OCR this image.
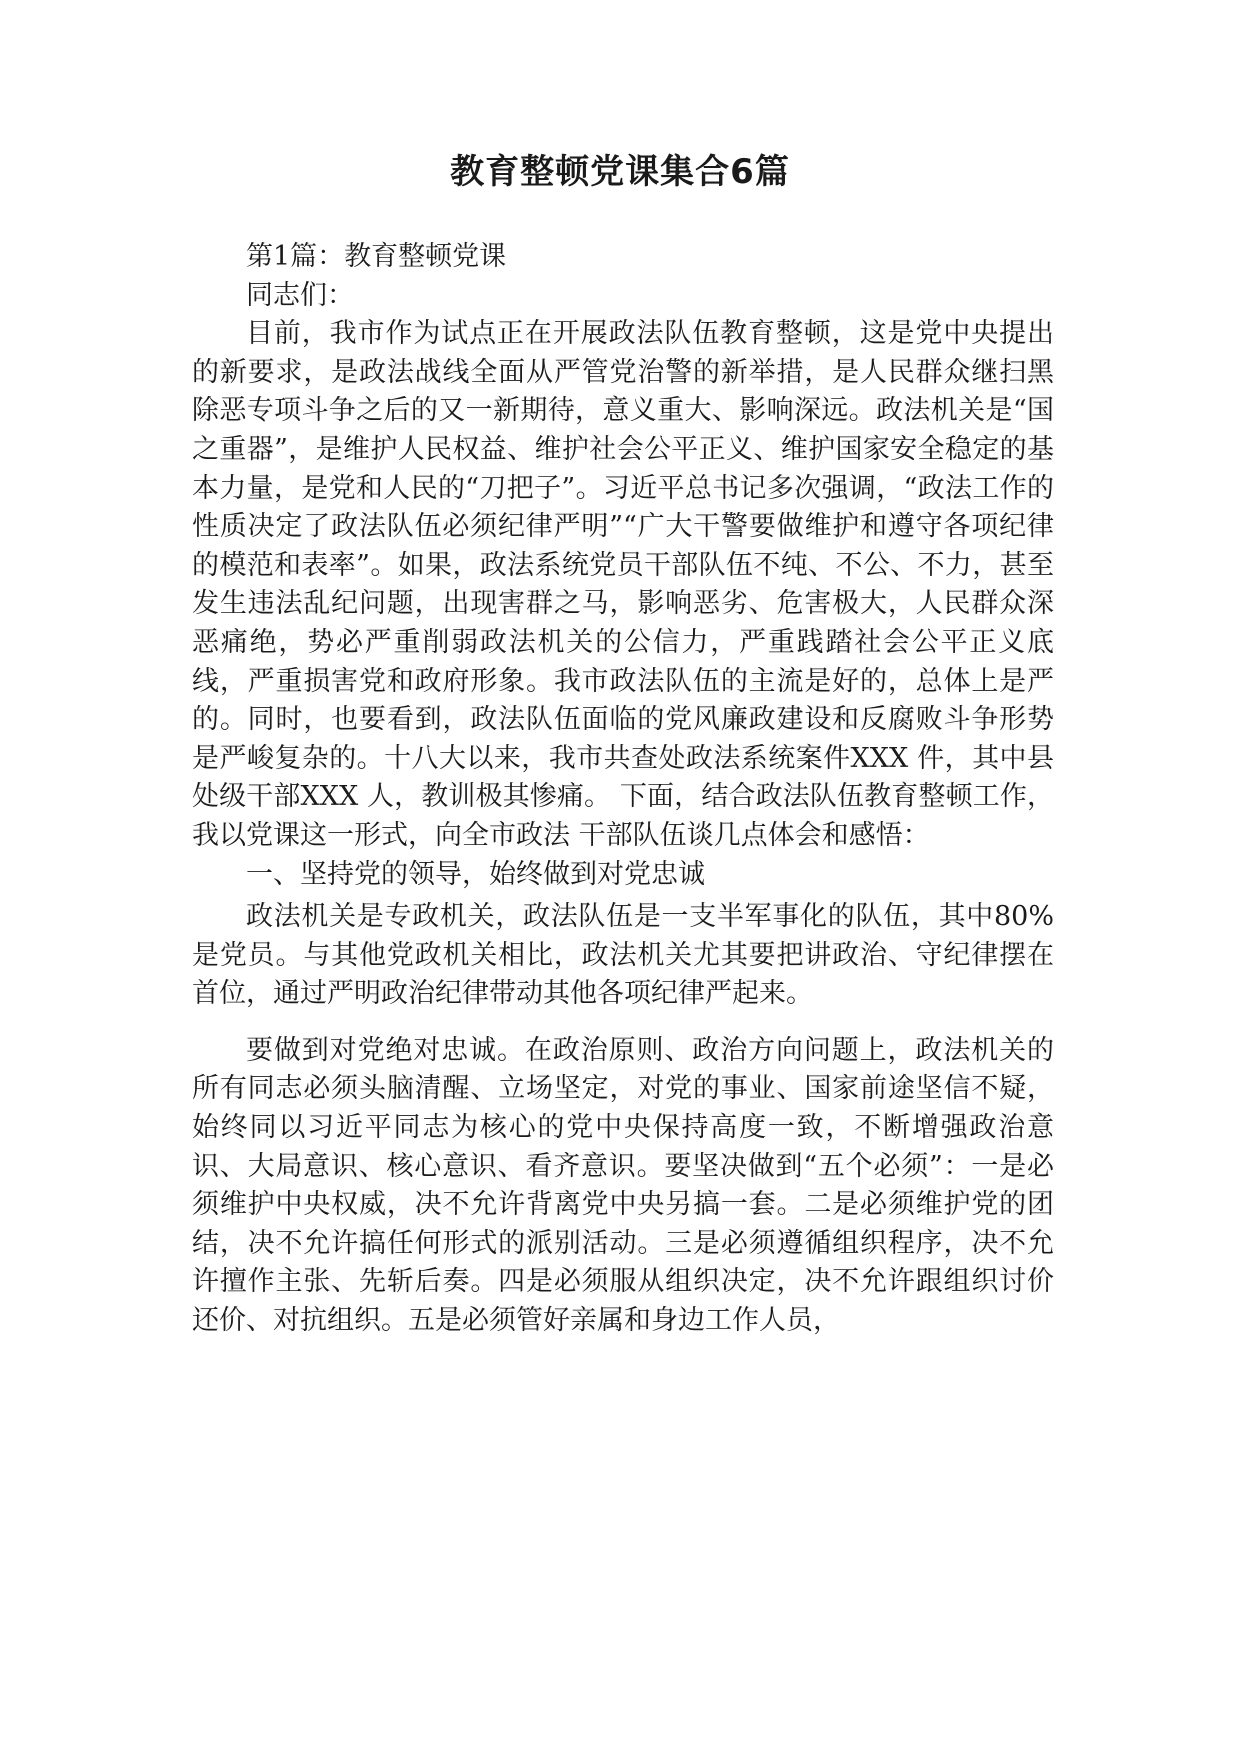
教育整顿党课集合6篇

第1篇：教育整顿党课

同志们：

目前，我市作为试点正在开展政法队伍教育整顿，这是党中央提出的新要求，是政法战线全面从严管党治警的新举措，是人民群众继扫黑除恶专项斗争之后的又一新期待，意义重大、影响深远。政法机关是“国之重器”，是维护人民权益、维护社会公平正义、维护国家安全稳定的基本力量，是党和人民的“刀把子”。习近平总书记多次强调，“政法工作的性质决定了政法队伍必须纪律严明”“广大干警要做维护和遵守各项纪律的模范和表率”。如果，政法系统党员干部队伍不纯、不公、不力，甚至发生违法乱纪问题，出现害群之马，影响恶劣、危害极大，人民群众深恶痛绝，势必严重削弱政法机关的公信力，严重践踏社会公平正义底线，严重损害党和政府形象。我市政法队伍的主流是好的，总体上是严的。同时，也要看到，政法队伍面临的党风廉政建设和反腐败斗争形势是严峻复杂的。十八大以来，我市共查处政法系统案件XXX 件，其中县处级干部XXX 人，教训极其惨痛。 下面，结合政法队伍教育整顿工作，我以党课这一形式，向全市政法 干部队伍谈几点体会和感悟：

一、坚持党的领导，始终做到对党忠诚

政法机关是专政机关，政法队伍是一支半军事化的队伍，其中80%是党员。与其他党政机关相比，政法机关尤其要把讲政治、守纪律摆在首位，通过严明政治纪律带动其他各项纪律严起来。

要做到对党绝对忠诚。在政治原则、政治方向问题上，政法机关的所有同志必须头脑清醒、立场坚定，对党的事业、国家前途坚信不疑，始终同以习近平同志为核心的党中央保持高度一致，不断增强政治意识、大局意识、核心意识、看齐意识。要坚决做到“五个必须”：一是必须维护中央权威，决不允许背离党中央另搞一套。二是必须维护党的团结，决不允许搞任何形式的派别活动。三是必须遵循组织程序，决不允许擅作主张、先斩后奏。四是必须服从组织决定，决不允许跟组织讨价还价、对抗组织。五是必须管好亲属和身边工作人员，
